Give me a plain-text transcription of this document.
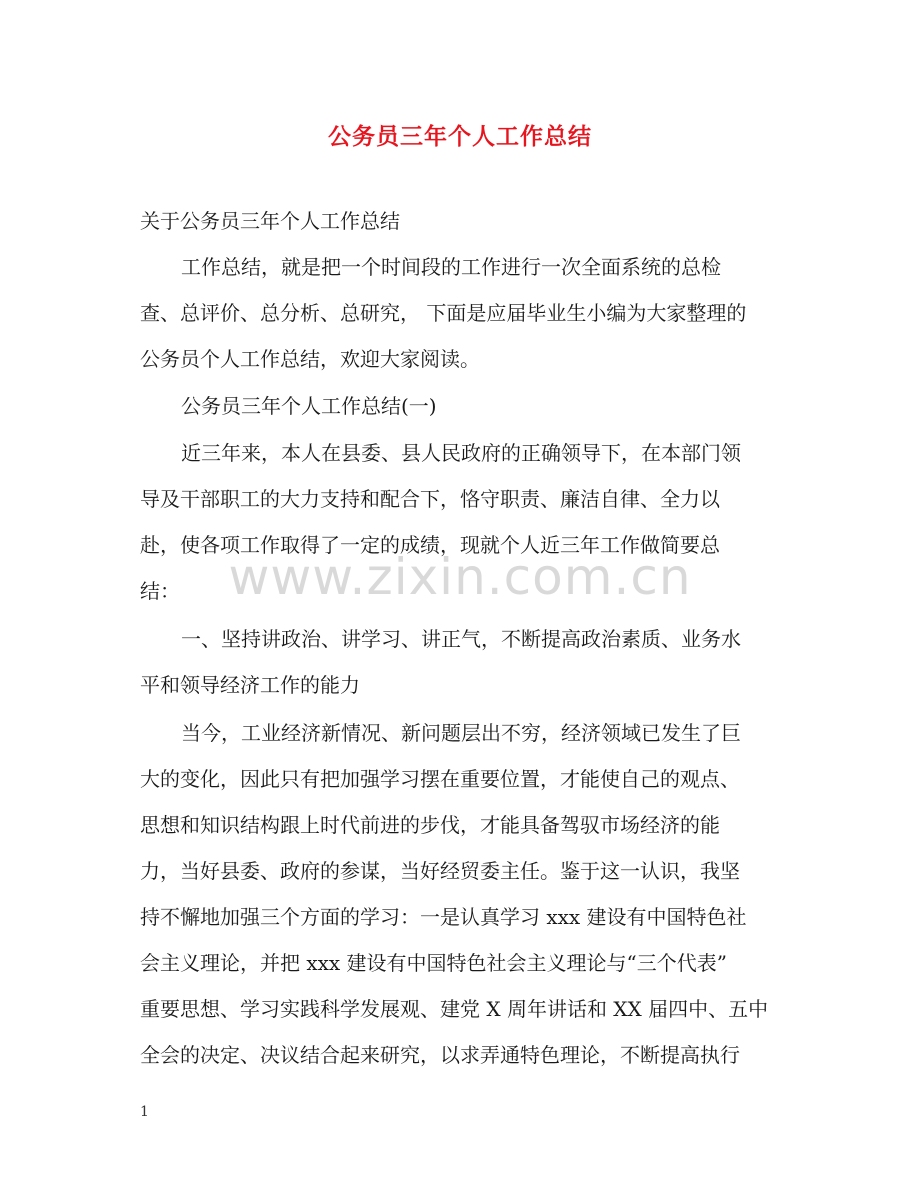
公务员三年个人工作总结
关于公务员三年个人工作总结
工作总结，就是把一个时间段的工作进行一次全面系统的总检
查、总评价、总分析、总研究， 下面是应届毕业生小编为大家整理的
公务员个人工作总结，欢迎大家阅读。
公务员三年个人工作总结(一)
近三年来，本人在县委、县人民政府的正确领导下，在本部门领
导及干部职工的大力支持和配合下，恪守职责、廉洁自律、全力以
赴，使各项工作取得了一定的成绩，现就个人近三年工作做简要总
结：
一、坚持讲政治、讲学习、讲正气，不断提高政治素质、业务水
平和领导经济工作的能力
当今，工业经济新情况、新问题层出不穷，经济领域已发生了巨
大的变化，因此只有把加强学习摆在重要位置，才能使自己的观点、
思想和知识结构跟上时代前进的步伐，才能具备驾驭市场经济的能
力，当好县委、政府的参谋，当好经贸委主任。鉴于这一认识，我坚
持不懈地加强三个方面的学习：一是认真学习 xxx 建设有中国特色社
会主义理论，并把 xxx 建设有中国特色社会主义理论与“三个代表”
重要思想、学习实践科学发展观、建党 X 周年讲话和 XX 届四中、五中
全会的决定、决议结合起来研究，以求弄通特色理论，不断提高执行
www.zixin.com.cn
1
